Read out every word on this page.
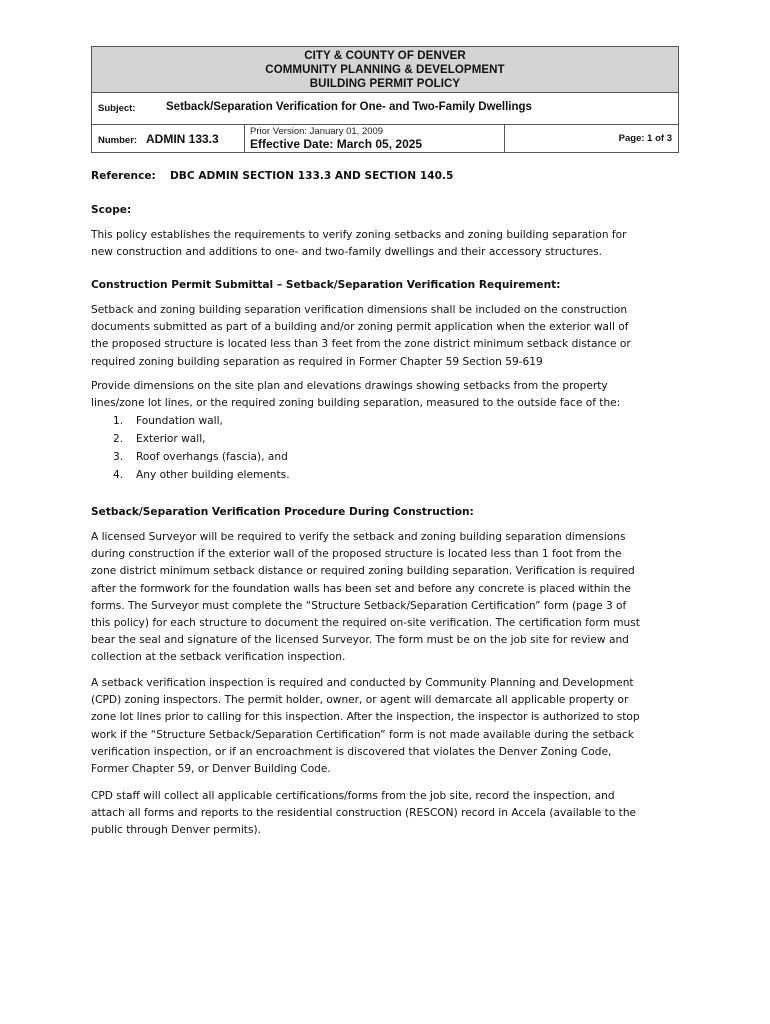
CITY & COUNTY OF DENVER
COMMUNITY PLANNING & DEVELOPMENT
BUILDING PERMIT POLICY
Subject:	Setback/Separation Verification for One- and Two-Family Dwellings
Number: ADMIN 133.3
Prior Version: January 01, 2009
Effective Date: March 05, 2025	Page: 1 of 3
Reference: DBC ADMIN SECTION 133.3 AND SECTION 140.5
Scope:
This policy establishes the requirements to verify zoning setbacks and zoning building separation for
new construction and additions to one- and two-family dwellings and their accessory structures.
Construction Permit Submittal – Setback/Separation Verification Requirement:
Setback and zoning building separation verification dimensions shall be included on the construction
documents submitted as part of a building and/or zoning permit application when the exterior wall of
the proposed structure is located less than 3 feet from the zone district minimum setback distance or
required zoning building separation as required in Former Chapter 59 Section 59-619
Provide dimensions on the site plan and elevations drawings showing setbacks from the property
lines/zone lot lines, or the required zoning building separation, measured to the outside face of the:
1. Foundation wall,
2. Exterior wall,
3. Roof overhangs (fascia), and
4. Any other building elements.
Setback/Separation Verification Procedure During Construction:
A licensed Surveyor will be required to verify the setback and zoning building separation dimensions
during construction if the exterior wall of the proposed structure is located less than 1 foot from the
zone district minimum setback distance or required zoning building separation. Verification is required
after the formwork for the foundation walls has been set and before any concrete is placed within the
forms. The Surveyor must complete the “Structure Setback/Separation Certification” form (page 3 of
this policy) for each structure to document the required on-site verification. The certification form must
bear the seal and signature of the licensed Surveyor. The form must be on the job site for review and
collection at the setback verification inspection.
A setback verification inspection is required and conducted by Community Planning and Development
(CPD) zoning inspectors. The permit holder, owner, or agent will demarcate all applicable property or
zone lot lines prior to calling for this inspection. After the inspection, the inspector is authorized to stop
work if the “Structure Setback/Separation Certification” form is not made available during the setback
verification inspection, or if an encroachment is discovered that violates the Denver Zoning Code,
Former Chapter 59, or Denver Building Code.
CPD staff will collect all applicable certifications/forms from the job site, record the inspection, and
attach all forms and reports to the residential construction (RESCON) record in Accela (available to the
public through Denver permits).
